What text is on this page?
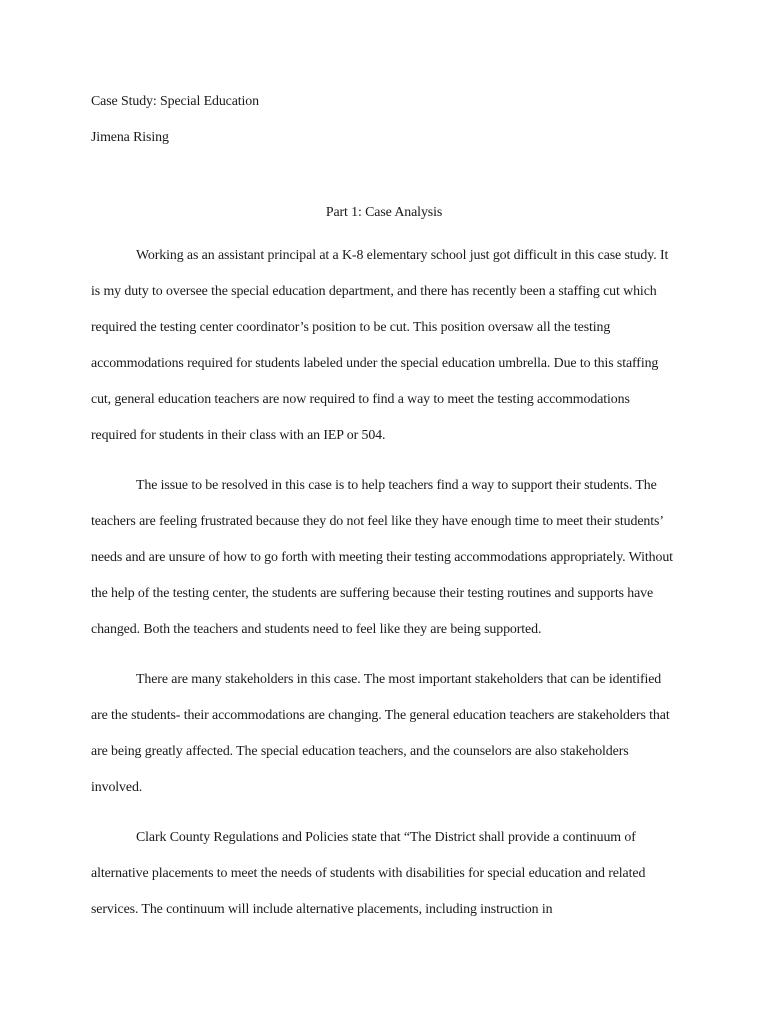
Case Study: Special Education

Jimena Rising

Part 1: Case Analysis

Working as an assistant principal at a K-8 elementary school just got difficult in this case study. It is my duty to oversee the special education department, and there has recently been a staffing cut which required the testing center coordinator’s position to be cut. This position oversaw all the testing accommodations required for students labeled under the special education umbrella. Due to this staffing cut, general education teachers are now required to find a way to meet the testing accommodations required for students in their class with an IEP or 504.

The issue to be resolved in this case is to help teachers find a way to support their students. The teachers are feeling frustrated because they do not feel like they have enough time to meet their students’ needs and are unsure of how to go forth with meeting their testing accommodations appropriately. Without the help of the testing center, the students are suffering because their testing routines and supports have changed. Both the teachers and students need to feel like they are being supported.

There are many stakeholders in this case. The most important stakeholders that can be identified are the students- their accommodations are changing. The general education teachers are stakeholders that are being greatly affected. The special education teachers, and the counselors are also stakeholders involved.

Clark County Regulations and Policies state that “The District shall provide a continuum of alternative placements to meet the needs of students with disabilities for special education and related services. The continuum will include alternative placements, including instruction in
